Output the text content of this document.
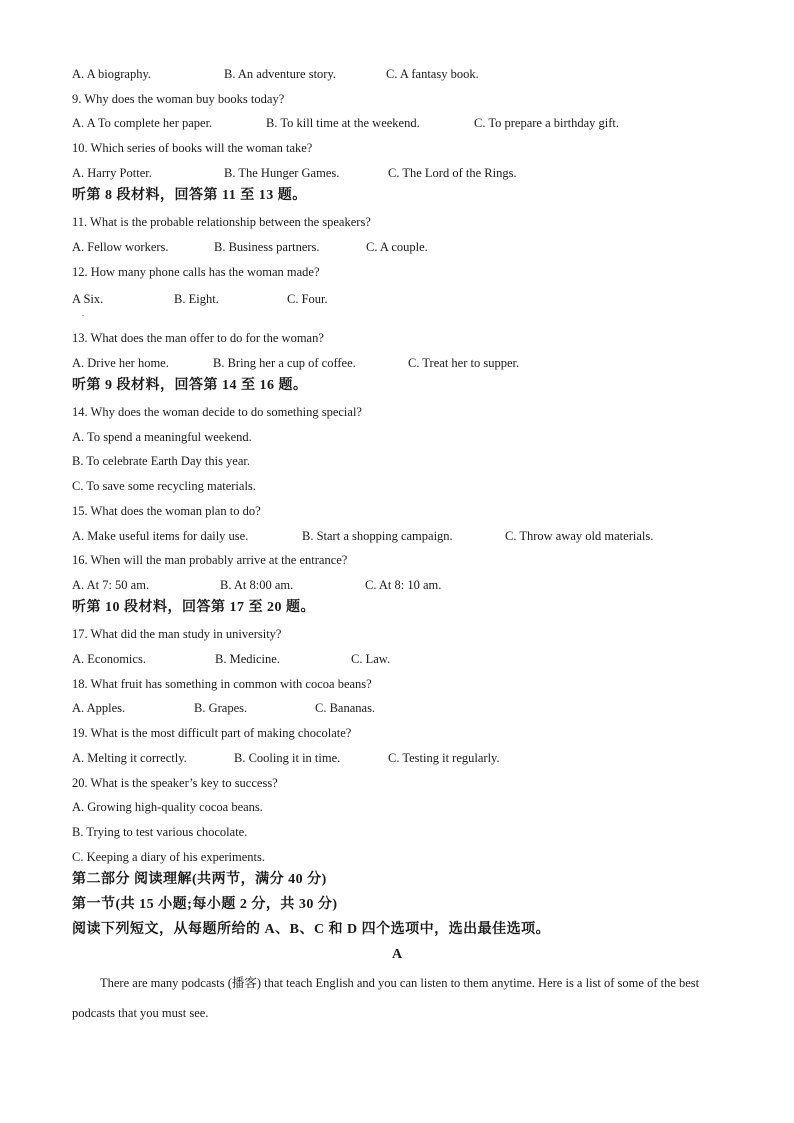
A. A biography.	B. An adventure story.	C. A fantasy book.
9. Why does the woman buy books today?
A. A To complete her paper.	B. To kill time at the weekend.	C. To prepare a birthday gift.
10. Which series of books will the woman take?
A. Harry Potter.	B. The Hunger Games.	C. The Lord of the Rings.
听第 8 段材料，回答第 11 至 13 题。
11. What is the probable relationship between the speakers?
A. Fellow workers.	B. Business partners.	C. A couple.
12. How many phone calls has the woman made?
A Six.	B. Eight.	C. Four.
.
13. What does the man offer to do for the woman?
A. Drive her home.	B. Bring her a cup of coffee.	C. Treat her to supper.
听第 9 段材料，回答第 14 至 16 题。
14. Why does the woman decide to do something special?
A. To spend a meaningful weekend.
B. To celebrate Earth Day this year.
C. To save some recycling materials.
15. What does the woman plan to do?
A. Make useful items for daily use.	B. Start a shopping campaign.	C. Throw away old materials.
16. When will the man probably arrive at the entrance?
A. At 7: 50 am.	B. At 8:00 am.	C. At 8: 10 am.
听第 10 段材料，回答第 17 至 20 题。
17. What did the man study in university?
A. Economics.	B. Medicine.	C. Law.
18. What fruit has something in common with cocoa beans?
A. Apples.	B. Grapes.	C. Bananas.
19. What is the most difficult part of making chocolate?
A. Melting it correctly.	B. Cooling it in time.	C. Testing it regularly.
20. What is the speaker’s key to success?
A. Growing high-quality cocoa beans.
B. Trying to test various chocolate.
C. Keeping a diary of his experiments.
第二部分 阅读理解(共两节，满分 40 分)
第一节(共 15 小题;每小题 2 分，共 30 分)
阅读下列短文，从每题所给的 A、B、C 和 D 四个选项中，选出最佳选项。
A
There are many podcasts (播客) that teach English and you can listen to them anytime. Here is a list of some of the best podcasts that you must see.
